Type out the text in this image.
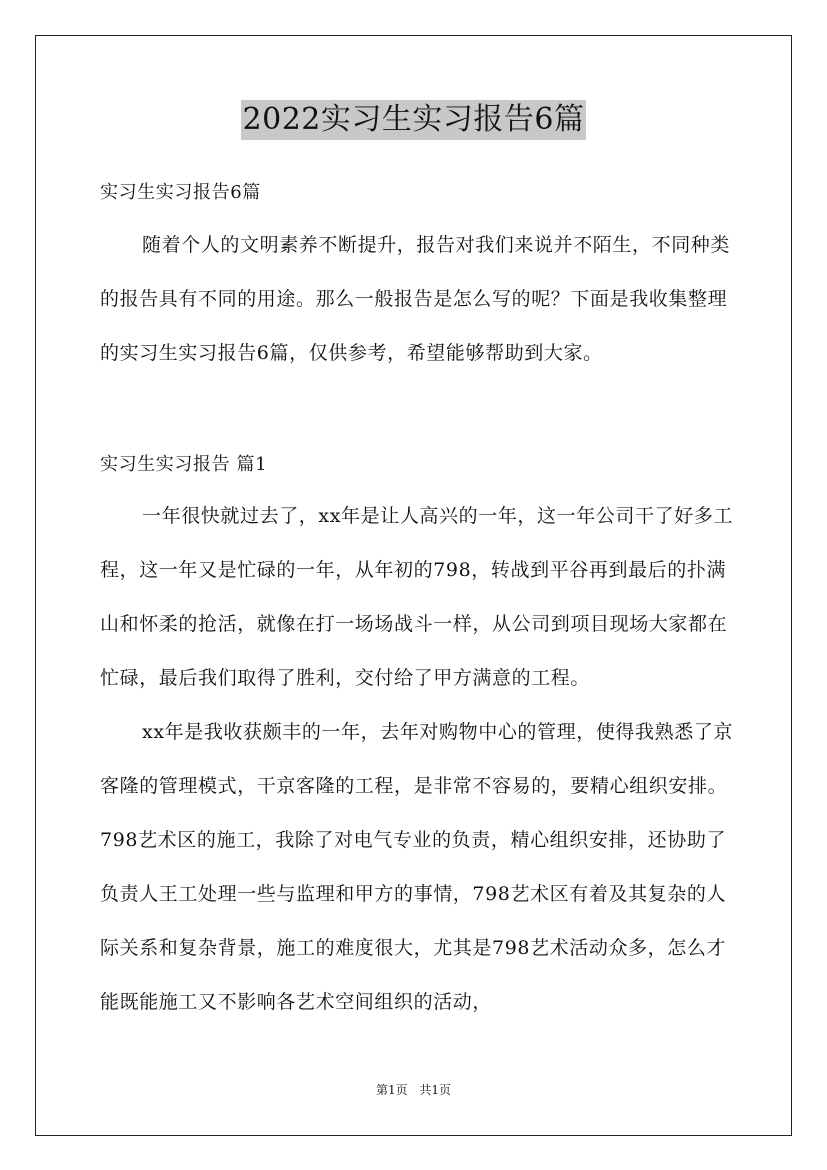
2022实习生实习报告6篇
实习生实习报告6篇

随着个人的文明素养不断提升，报告对我们来说并不陌生，不同种类的报告具有不同的用途。那么一般报告是怎么写的呢？下面是我收集整理的实习生实习报告6篇，仅供参考，希望能够帮助到大家。

实习生实习报告 篇1

一年很快就过去了，xx年是让人高兴的一年，这一年公司干了好多工程，这一年又是忙碌的一年，从年初的798，转战到平谷再到最后的扑满山和怀柔的抢活，就像在打一场场战斗一样，从公司到项目现场大家都在忙碌，最后我们取得了胜利，交付给了甲方满意的工程。

xx年是我收获颇丰的一年，去年对购物中心的管理，使得我熟悉了京客隆的管理模式，干京客隆的工程，是非常不容易的，要精心组织安排。798艺术区的施工，我除了对电气专业的负责，精心组织安排，还协助了负责人王工处理一些与监理和甲方的事情，798艺术区有着及其复杂的人际关系和复杂背景，施工的难度很大，尤其是798艺术活动众多，怎么才能既能施工又不影响各艺术空间组织的活动，

第1页 共1页
